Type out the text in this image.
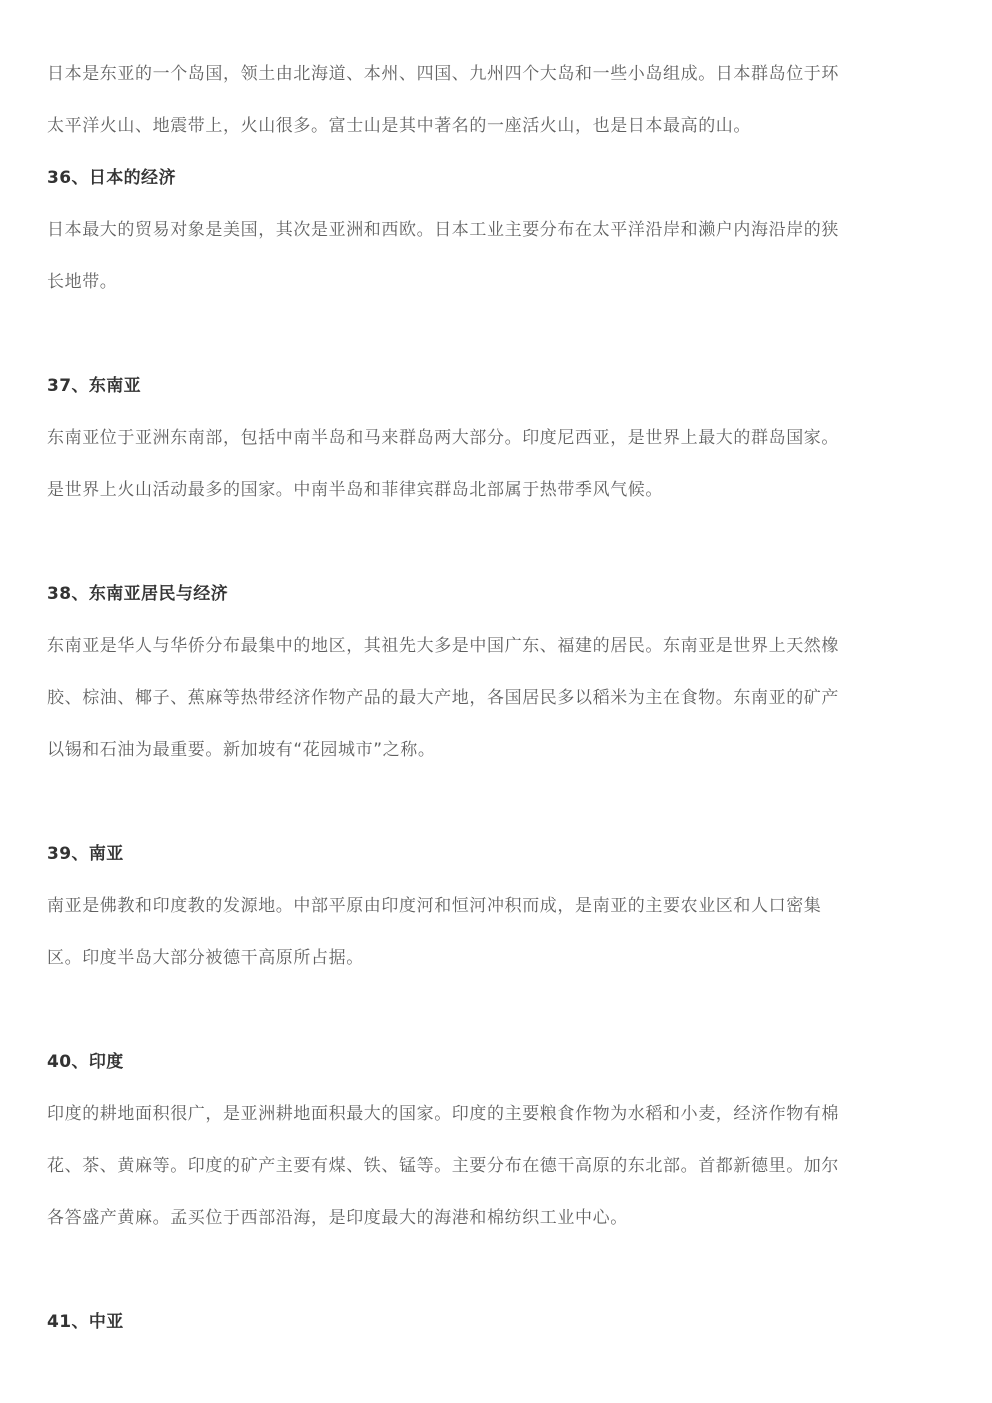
日本是东亚的一个岛国，领土由北海道、本州、四国、九州四个大岛和一些小岛组成。日本群岛位于环太平洋火山、地震带上，火山很多。富士山是其中著名的一座活火山，也是日本最高的山。

36、日本的经济

日本最大的贸易对象是美国，其次是亚洲和西欧。日本工业主要分布在太平洋沿岸和濑户内海沿岸的狭长地带。

37、东南亚

东南亚位于亚洲东南部，包括中南半岛和马来群岛两大部分。印度尼西亚，是世界上最大的群岛国家。是世界上火山活动最多的国家。中南半岛和菲律宾群岛北部属于热带季风气候。

38、东南亚居民与经济

东南亚是华人与华侨分布最集中的地区，其祖先大多是中国广东、福建的居民。东南亚是世界上天然橡胶、棕油、椰子、蕉麻等热带经济作物产品的最大产地，各国居民多以稻米为主在食物。东南亚的矿产以锡和石油为最重要。新加坡有“花园城市”之称。

39、南亚

南亚是佛教和印度教的发源地。中部平原由印度河和恒河冲积而成，是南亚的主要农业区和人口密集区。印度半岛大部分被德干高原所占据。

40、印度

印度的耕地面积很广，是亚洲耕地面积最大的国家。印度的主要粮食作物为水稻和小麦，经济作物有棉花、茶、黄麻等。印度的矿产主要有煤、铁、锰等。主要分布在德干高原的东北部。首都新德里。加尔各答盛产黄麻。孟买位于西部沿海，是印度最大的海港和棉纺织工业中心。

41、中亚
